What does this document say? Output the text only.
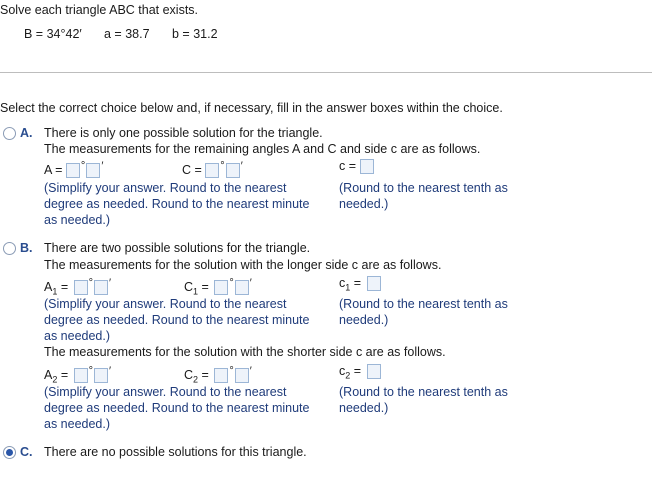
Solve each triangle ABC that exists.
B = 34°42′ a = 38.7 b = 31.2
Select the correct choice below and, if necessary, fill in the answer boxes within the choice.
A. There is only one possible solution for the triangle.
The measurements for the remaining angles A and C and side c are as follows.
A = ° ′	C = ° ′	c =
(Simplify your answer. Round to the nearest
degree as needed. Round to the nearest minute
as needed.)
(Round to the nearest tenth as
needed.)
B. There are two possible solutions for the triangle.
The measurements for the solution with the longer side c are as follows.
$A_1$ = ° ′	$C_1$ = ° ′	$c_1$ =
(Simplify your answer. Round to the nearest
degree as needed. Round to the nearest minute
as needed.)
(Round to the nearest tenth as
needed.)
The measurements for the solution with the shorter side c are as follows.
$A_2$ = ° ′	$C_2$ = ° ′	$c_2$ =
(Simplify your answer. Round to the nearest
degree as needed. Round to the nearest minute
as needed.)
(Round to the nearest tenth as
needed.)
C. There are no possible solutions for this triangle.
